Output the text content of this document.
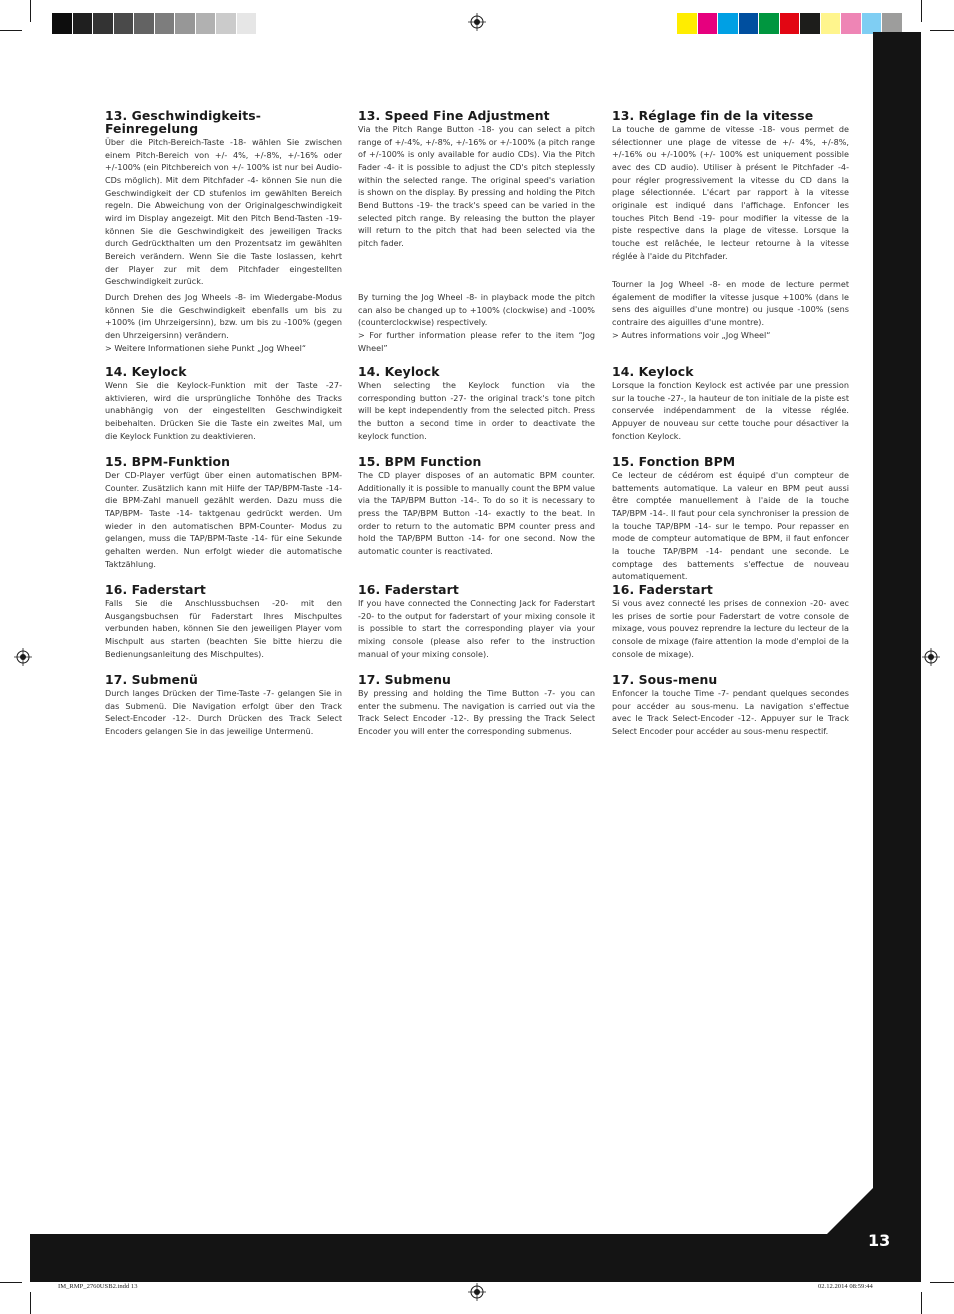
13
13. Geschwindigkeits-Feinregelung

Über die Pitch-Bereich-Taste -18- wählen Sie zwischen einem Pitch-Bereich von +/- 4%, +/-8%, +/-16% oder +/-100% (ein Pitchbereich von +/- 100% ist nur bei Audio-CDs möglich). Mit dem Pitchfader -4- können Sie nun die Geschwindigkeit der CD stufenlos im gewählten Bereich regeln. Die Abweichung von der Originalgeschwindigkeit wird im Display angezeigt. Mit den Pitch Bend-Tasten -19- können Sie die Geschwindigkeit des jeweiligen Tracks durch Gedrückthalten um den Prozentsatz im gewählten Bereich verändern. Wenn Sie die Taste loslassen, kehrt der Player zur mit dem Pitchfader eingestellten Geschwindigkeit zurück.

Durch Drehen des Jog Wheels -8- im Wiedergabe-Modus können Sie die Geschwindigkeit ebenfalls um bis zu +100% (im Uhrzeigersinn), bzw. um bis zu -100% (gegen den Uhrzeigersinn) verändern.
> Weitere Informationen siehe Punkt „Jog Wheel“

14. Keylock

Wenn Sie die Keylock-Funktion mit der Taste -27- aktivieren, wird die ursprüngliche Tonhöhe des Tracks unabhängig von der eingestellten Geschwindigkeit beibehalten. Drücken Sie die Taste ein zweites Mal, um die Keylock Funktion zu deaktivieren.

15. BPM-Funktion

Der CD-Player verfügt über einen automatischen BPM-Counter. Zusätzlich kann mit Hilfe der TAP/BPM-Taste -14- die BPM-Zahl manuell gezählt werden. Dazu muss die TAP/BPM- Taste -14- taktgenau gedrückt werden. Um wieder in den automatischen BPM-Counter- Modus zu gelangen, muss die TAP/BPM-Taste -14- für eine Sekunde gehalten werden. Nun erfolgt wieder die automatische Taktzählung.

16. Faderstart

Falls Sie die Anschlussbuchsen -20- mit den Ausgangsbuchsen für Faderstart Ihres Mischpultes verbunden haben, können Sie den jeweiligen Player vom Mischpult aus starten (beachten Sie bitte hierzu die Bedienungsanleitung des Mischpultes).

17. Submenü

Durch langes Drücken der Time-Taste -7- gelangen Sie in das Submenü. Die Navigation erfolgt über den Track Select-Encoder -12-. Durch Drücken des Track Select Encoders gelangen Sie in das jeweilige Untermenü.

13. Speed Fine Adjustment

Via the Pitch Range Button -18- you can select a pitch range of +/-4%, +/-8%, +/-16% or +/-100% (a pitch range of +/-100% is only available for audio CDs). Via the Pitch Fader -4- it is possible to adjust the CD's pitch steplessly within the selected range. The original speed's variation is shown on the display. By pressing and holding the Pitch Bend Buttons -19- the track's speed can be varied in the selected pitch range. By releasing the button the player will return to the pitch that had been selected via the pitch fader.

By turning the Jog Wheel -8- in playback mode the pitch can also be changed up to +100% (clockwise) and -100% (counterclockwise) respectively.
> For further information please refer to the item “Jog Wheel”

14. Keylock

When selecting the Keylock function via the corresponding button -27- the original track's tone pitch will be kept independently from the selected pitch. Press the button a second time in order to deactivate the keylock function.

15. BPM Function

The CD player disposes of an automatic BPM counter. Additionally it is possible to manually count the BPM value via the TAP/BPM Button -14-. To do so it is necessary to press the TAP/BPM Button -14- exactly to the beat. In order to return to the automatic BPM counter press and hold the TAP/BPM Button -14- for one second. Now the automatic counter is reactivated.

16. Faderstart

If you have connected the Connecting Jack for Faderstart -20- to the output for faderstart of your mixing console it is possible to start the corresponding player via your mixing console (please also refer to the instruction manual of your mixing console).

17. Submenu

By pressing and holding the Time Button -7- you can enter the submenu. The navigation is carried out via the Track Select Encoder -12-. By pressing the Track Select Encoder you will enter the corresponding submenus.

13. Réglage fin de la vitesse

La touche de gamme de vitesse -18- vous permet de sélectionner une plage de vitesse de +/- 4%, +/-8%, +/-16% ou +/-100% (+/- 100% est uniquement possible avec des CD audio). Utiliser à présent le Pitchfader -4- pour régler progressivement la vitesse du CD dans la plage sélectionnée. L'écart par rapport à la vitesse originale est indiqué dans l'affichage. Enfoncer les touches Pitch Bend -19- pour modifier la vitesse de la piste respective dans la plage de vitesse. Lorsque la touche est relâchée, le lecteur retourne à la vitesse réglée à l'aide du Pitchfader.

Tourner la Jog Wheel -8- en mode de lecture permet également de modifier la vitesse jusque +100% (dans le sens des aiguilles d'une montre) ou jusque -100% (sens contraire des aiguilles d'une montre).
> Autres informations voir „Jog Wheel“

14. Keylock

Lorsque la fonction Keylock est activée par une pression sur la touche -27-, la hauteur de ton initiale de la piste est conservée indépendamment de la vitesse réglée. Appuyer de nouveau sur cette touche pour désactiver la fonction Keylock.

15. Fonction BPM

Ce lecteur de cédérom est équipé d'un compteur de battements automatique. La valeur en BPM peut aussi être comptée manuellement à l'aide de la touche TAP/BPM -14-. Il faut pour cela synchroniser la pression de la touche TAP/BPM -14- sur le tempo. Pour repasser en mode de compteur automatique de BPM, il faut enfoncer la touche TAP/BPM -14- pendant une seconde. Le comptage des battements s'effectue de nouveau automatiquement.

16. Faderstart

Si vous avez connecté les prises de connexion -20- avec les prises de sortie pour Faderstart de votre console de mixage, vous pouvez reprendre la lecture du lecteur de la console de mixage (faire attention la mode d'emploi de la console de mixage).

17. Sous-menu

Enfoncer la touche Time -7- pendant quelques secondes pour accéder au sous-menu. La navigation s'effectue avec le Track Select-Encoder -12-. Appuyer sur le Track Select Encoder pour accéder au sous-menu respectif.

IM_RMP_2760USB2.indd 13	02.12.2014 08:59:44
